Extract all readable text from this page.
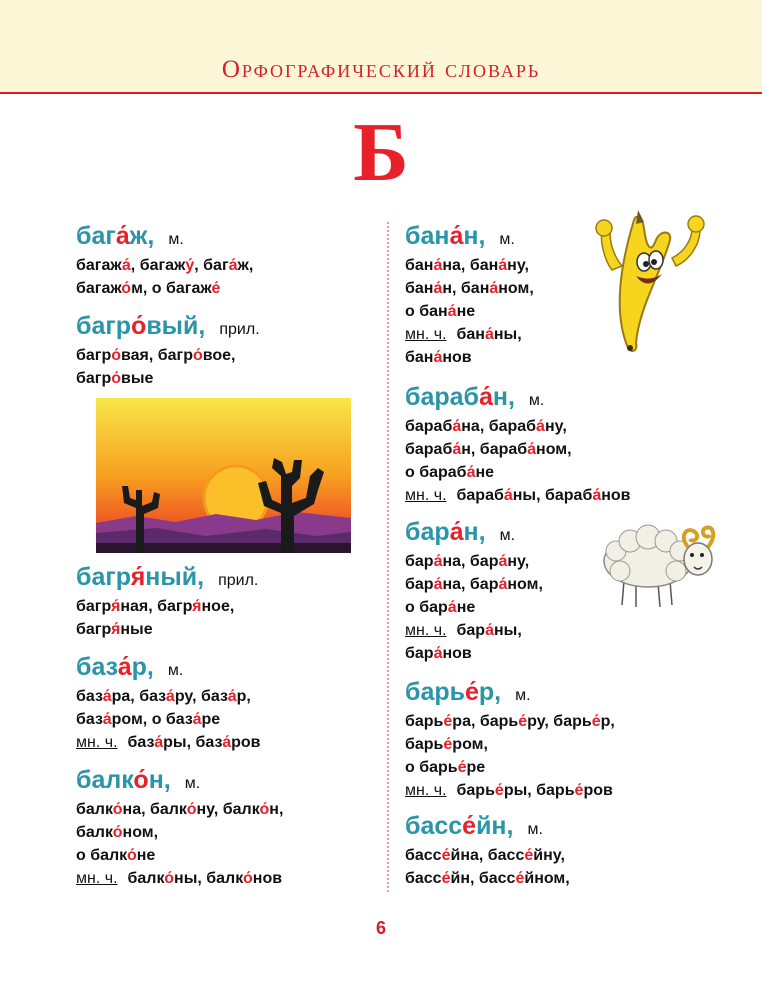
Орфографический словарь
Б
бага́ж, м.
багажа́, багажу́, бага́ж,
багажо́м, о багаже́
багро́вый, прил.
багро́вая, багро́вое,
багро́вые
багря́ный, прил.
багря́ная, багря́ное,
багря́ные
база́р, м.
база́ра, база́ру, база́р,
база́ром, о база́ре
мн. ч. база́ры, база́ров
балко́н, м.
балко́на, балко́ну, балко́н,
балко́ном,
о балко́не
мн. ч. балко́ны, балко́нов
бана́н, м.
бана́на, бана́ну,
бана́н, бана́ном,
о бана́не
мн. ч. бана́ны,
бана́нов
бараба́н, м.
бараба́на, бараба́ну,
бараба́н, бараба́ном,
о бараба́не
мн. ч. бараба́ны, бараба́нов
бара́н, м.
бара́на, бара́ну,
бара́на, бара́ном,
о бара́не
мн. ч. бара́ны,
бара́нов
барье́р, м.
барье́ра, барье́ру, барье́р,
барье́ром,
о барье́ре
мн. ч. барье́ры, барье́ров
бассе́йн, м.
бассе́йна, бассе́йну,
бассе́йн, бассе́йном,
6
